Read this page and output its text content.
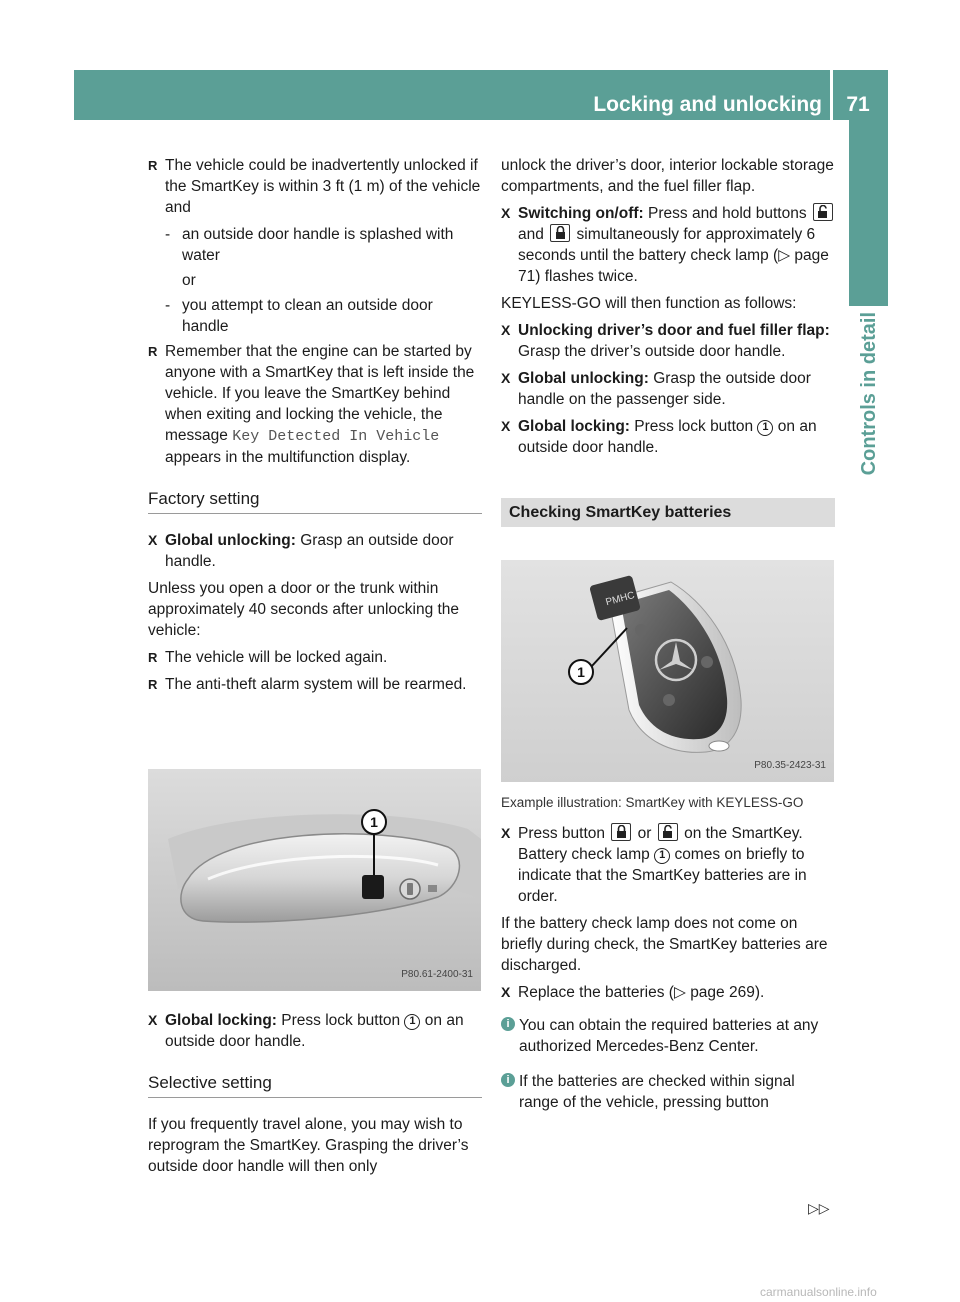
Locking and unlocking	71
Controls in detail
R The vehicle could be inadvertently unlocked if the SmartKey is within 3 ft (1 m) of the vehicle and
- an outside door handle is splashed with water
or
- you attempt to clean an outside door handle
R Remember that the engine can be started by anyone with a SmartKey that is left inside the vehicle. If you leave the SmartKey behind when exiting and locking the vehicle, the message Key Detected In Vehicle appears in the multifunction display.
Factory setting
X Global unlocking: Grasp an outside door handle.
Unless you open a door or the trunk within approximately 40 seconds after unlocking the vehicle:
R The vehicle will be locked again.
R The anti-theft alarm system will be rearmed.
1
P80.61-2400-31
X Global locking: Press lock button 1 on an outside door handle.
Selective setting
If you frequently travel alone, you may wish to reprogram the SmartKey. Grasping the driver’s outside door handle will then only
unlock the driver’s door, interior lockable storage compartments, and the fuel filler flap.
X Switching on/off: Press and hold buttons
and simultaneously for approximately 6 seconds until the battery check lamp (▷ page 71) flashes twice.
KEYLESS-GO will then function as follows:
X Unlocking driver’s door and fuel filler flap: Grasp the driver’s outside door handle.
X Global unlocking: Grasp the outside door handle on the passenger side.
X Global locking: Press lock button 1 on an outside door handle.
Checking SmartKey batteries
PMHC
1
P80.35-2423-31
Example illustration: SmartKey with KEYLESS-GO
X Press button or on the SmartKey.
Battery check lamp 1 comes on briefly to indicate that the SmartKey batteries are in order.
If the battery check lamp does not come on briefly during check, the SmartKey batteries are discharged.
X Replace the batteries (▷ page 269).
i You can obtain the required batteries at any authorized Mercedes-Benz Center.
i If the batteries are checked within signal range of the vehicle, pressing button
▷▷
carmanualsonline.info
